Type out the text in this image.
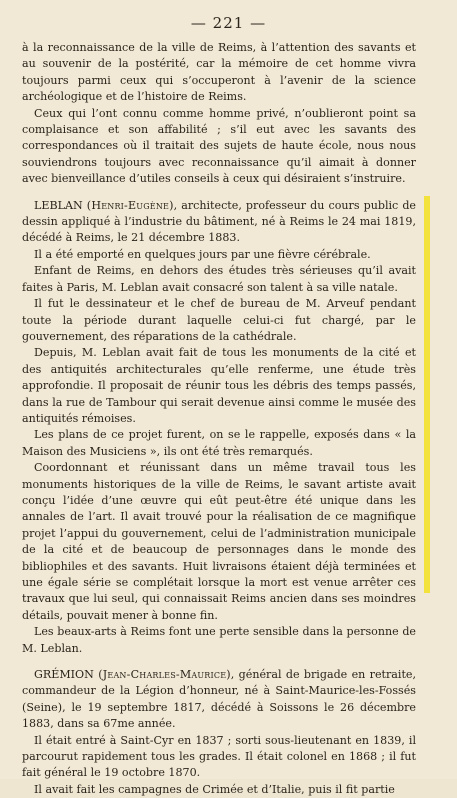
— 221 —

à la reconnaissance de la ville de Reims, à l’attention des savants et au souvenir de la postérité, car la mémoire de cet homme vivra toujours parmi ceux qui s’occuperont à l’avenir de la science archéologique et de l’histoire de Reims.

Ceux qui l’ont connu comme homme privé, n’oublieront point sa complaisance et son affabilité ; s’il eut avec les savants des correspondances où il traitait des sujets de haute école, nous nous souviendrons toujours avec reconnaissance qu’il aimait à donner avec bienveillance d’utiles conseils à ceux qui désiraient s’instruire.

LEBLAN (Henri-Eugène), architecte, professeur du cours public de dessin appliqué à l’industrie du bâtiment, né à Reims le 24 mai 1819, décédé à Reims, le 21 décembre 1883.

Il a été emporté en quelques jours par une fièvre cérébrale.

Enfant de Reims, en dehors des études très sérieuses qu’il avait faites à Paris, M. Leblan avait consacré son talent à sa ville natale.

Il fut le dessinateur et le chef de bureau de M. Arveuf pendant toute la période durant laquelle celui-ci fut chargé, par le gouvernement, des réparations de la cathédrale.

Depuis, M. Leblan avait fait de tous les monuments de la cité et des antiquités architecturales qu’elle renferme, une étude très approfondie. Il proposait de réunir tous les débris des temps passés, dans la rue de Tambour qui serait devenue ainsi comme le musée des antiquités rémoises.

Les plans de ce projet furent, on se le rappelle, exposés dans « la Maison des Musiciens », ils ont été très remarqués.

Coordonnant et réunissant dans un même travail tous les monuments historiques de la ville de Reims, le savant artiste avait conçu l’idée d’une œuvre qui eût peut-être été unique dans les annales de l’art. Il avait trouvé pour la réalisation de ce magnifique projet l’appui du gouvernement, celui de l’administration municipale de la cité et de beaucoup de personnages dans le monde des bibliophiles et des savants. Huit livraisons étaient déjà terminées et une égale série se complétait lorsque la mort est venue arrêter ces travaux que lui seul, qui connaissait Reims ancien dans ses moindres détails, pouvait mener à bonne fin.

Les beaux-arts à Reims font une perte sensible dans la personne de M. Leblan.

GRÉMION (Jean-Charles-Maurice), général de brigade en retraite, commandeur de la Légion d’honneur, né à Saint-Maurice-les-Fossés (Seine), le 19 septembre 1817, décédé à Soissons le 26 décembre 1883, dans sa 67me année.

Il était entré à Saint-Cyr en 1837 ; sorti sous-lieutenant en 1839, il parcourut rapidement tous les grades. Il était colonel en 1868 ; il fut fait général le 19 octobre 1870.

Il avait fait les campagnes de Crimée et d’Italie, puis il fit partie
